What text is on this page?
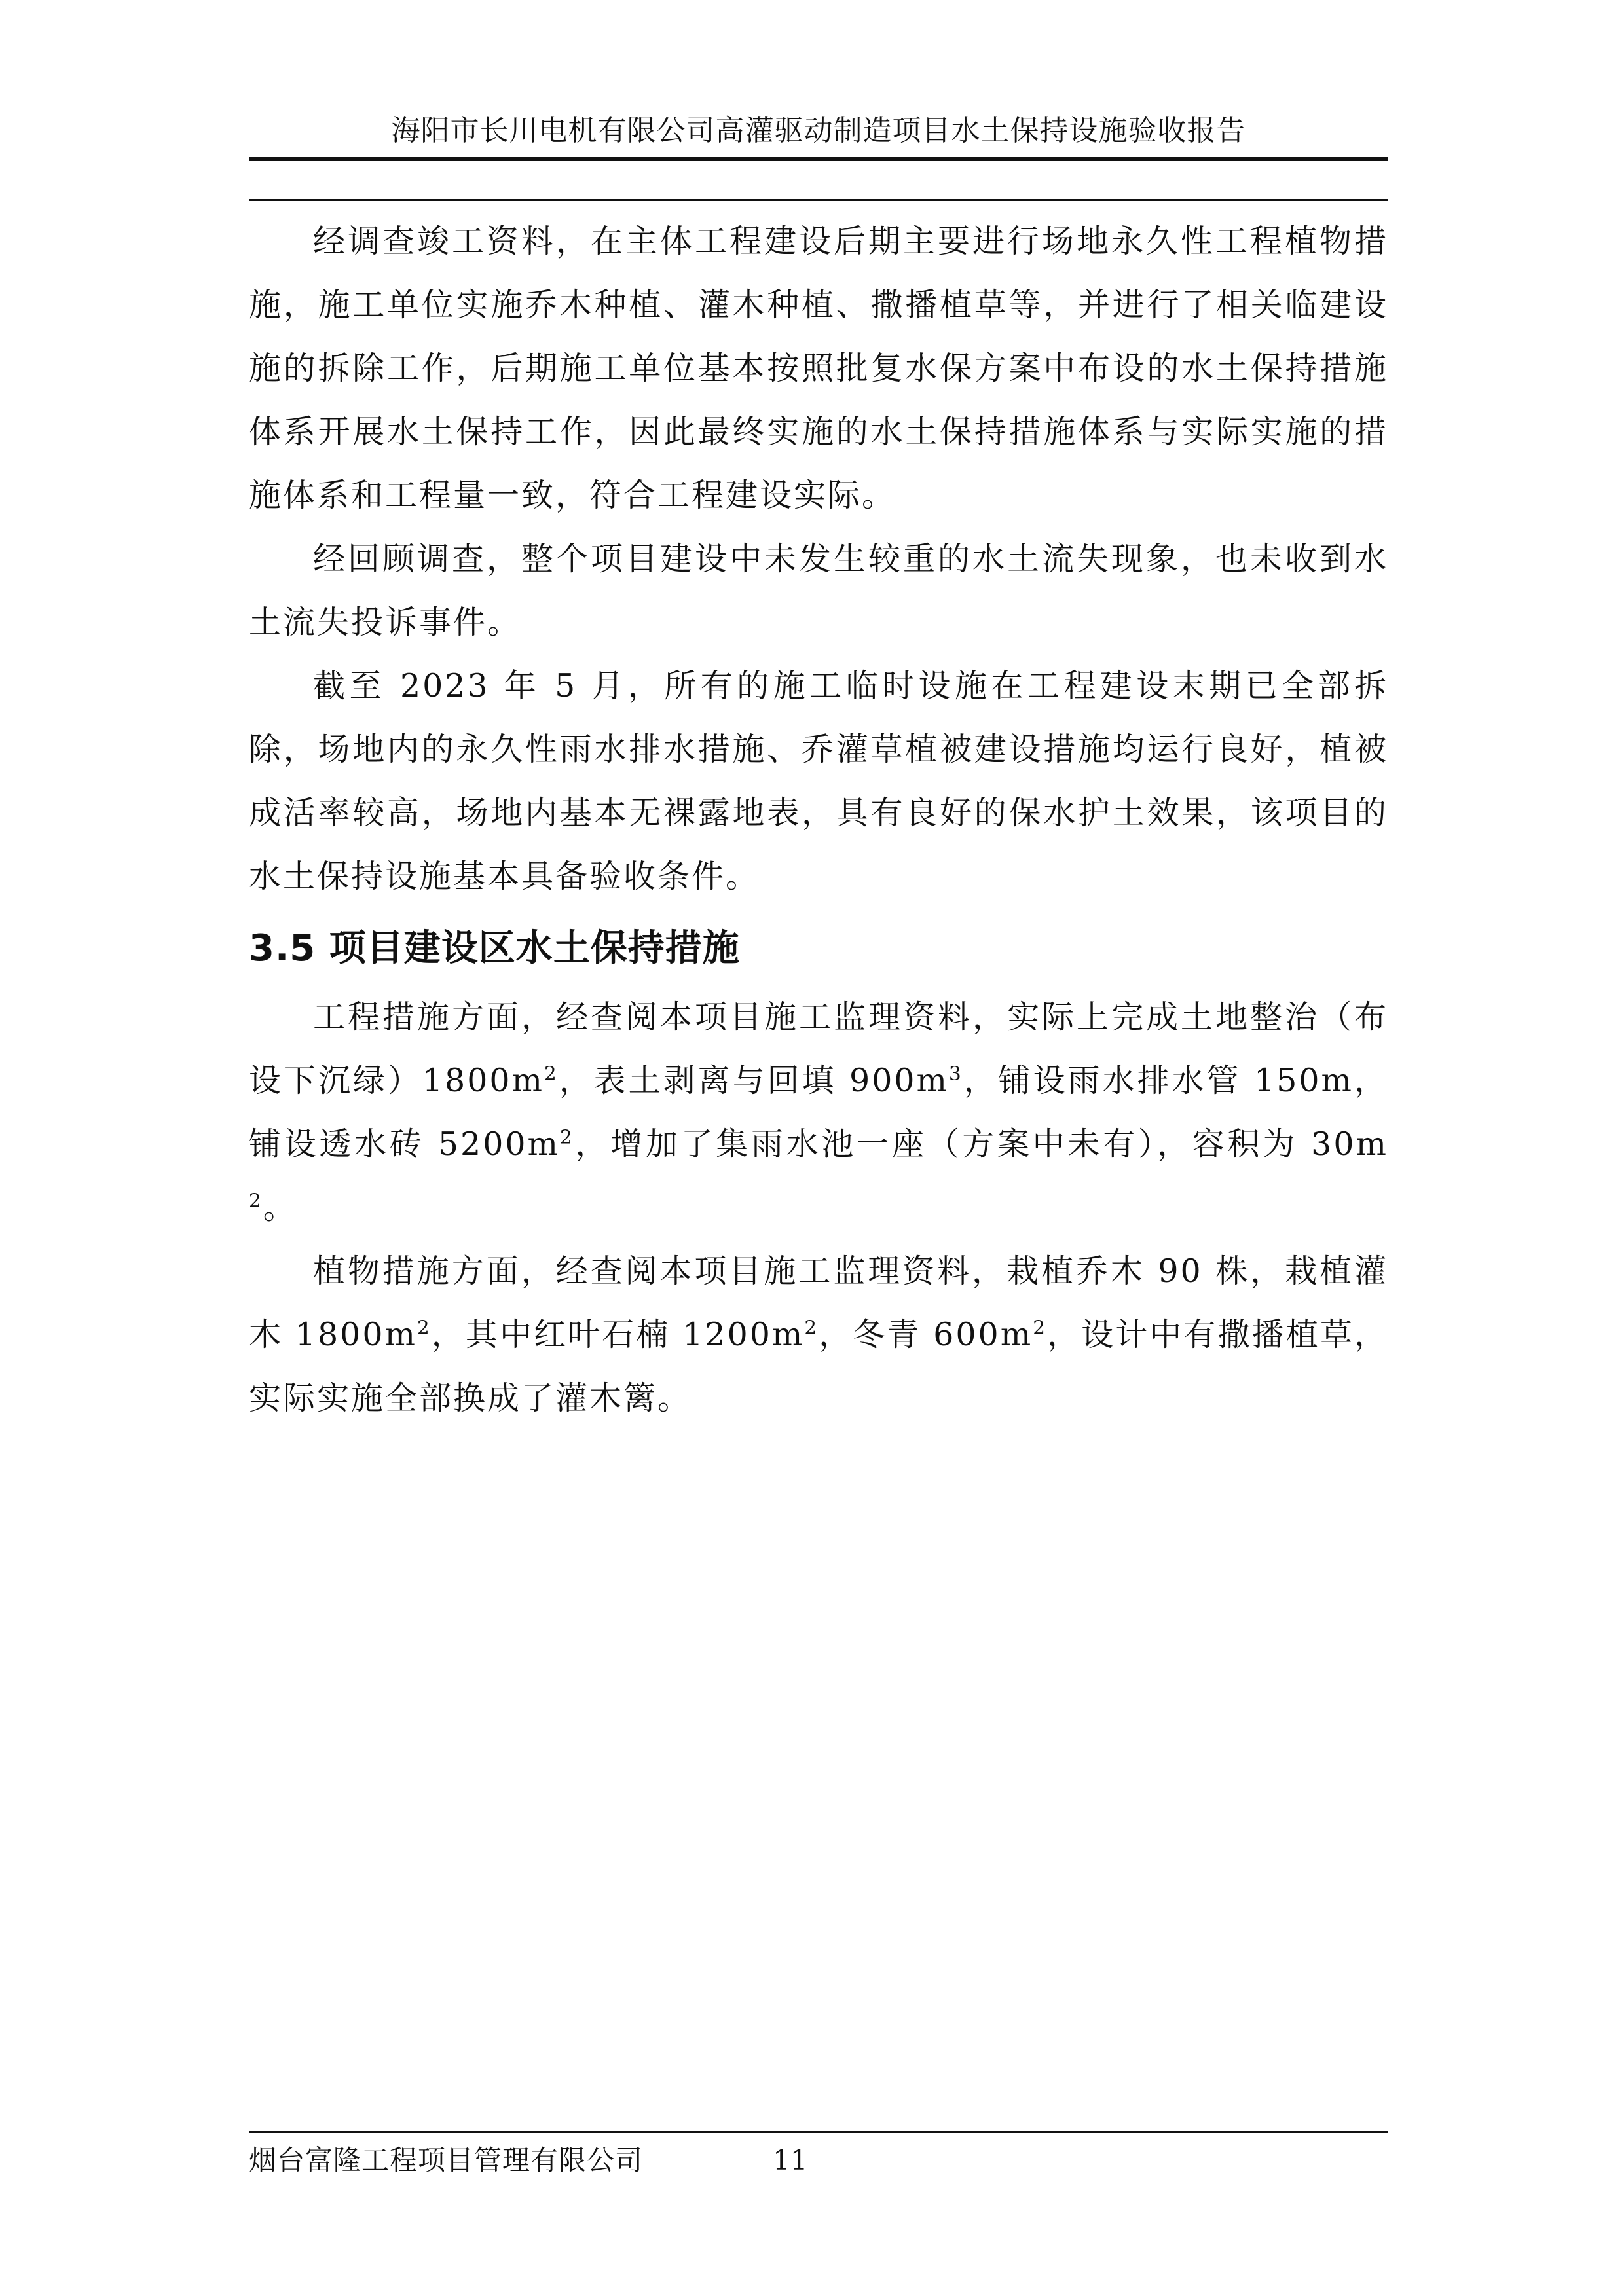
海阳市长川电机有限公司高灌驱动制造项目水土保持设施验收报告

经调查竣工资料，在主体工程建设后期主要进行场地永久性工程植物措施，施工单位实施乔木种植、灌木种植、撒播植草等，并进行了相关临建设施的拆除工作，后期施工单位基本按照批复水保方案中布设的水土保持措施体系开展水土保持工作，因此最终实施的水土保持措施体系与实际实施的措施体系和工程量一致，符合工程建设实际。

经回顾调查，整个项目建设中未发生较重的水土流失现象，也未收到水土流失投诉事件。

截至 2023 年 5 月，所有的施工临时设施在工程建设末期已全部拆除，场地内的永久性雨水排水措施、乔灌草植被建设措施均运行良好，植被成活率较高，场地内基本无裸露地表，具有良好的保水护土效果，该项目的水土保持设施基本具备验收条件。

3.5 项目建设区水土保持措施

工程措施方面，经查阅本项目施工监理资料，实际上完成土地整治（布设下沉绿）$1800m^2$，表土剥离与回填 $900m^3$，铺设雨水排水管 150m，铺设透水砖 $5200m^2$，增加了集雨水池一座（方案中未有），容积为 $30m^2$。

植物措施方面，经查阅本项目施工监理资料，栽植乔木 90 株，栽植灌木 $1800m^2$，其中红叶石楠 $1200m^2$，冬青 $600m^2$，设计中有撒播植草，实际实施全部换成了灌木篱。

烟台富隆工程项目管理有限公司	11
